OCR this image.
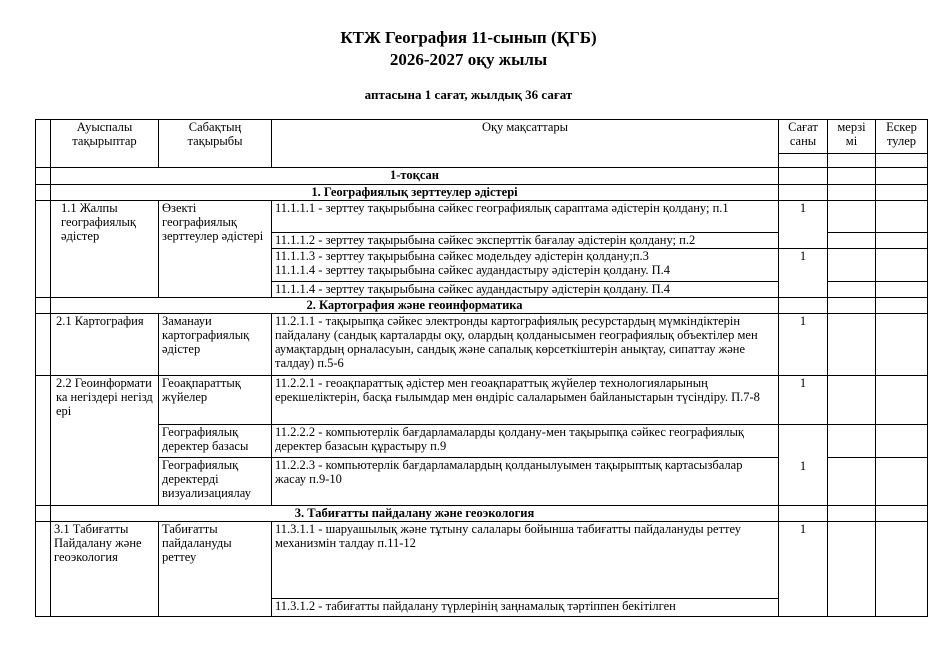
КТЖ География 11-сынып (ҚГБ)
2026-2027 оқу жылы
аптасына 1 сағат, жылдық 36 сағат
	Ауыспалы тақырыптар	Сабақтың тақырыбы	Оқу мақсаттары	Сағат саны	мерзі мі	Ескер тулер

	1-тоқсан					
	1. Географиялық зерттеулер әдістері					
	1.1 Жалпы географиялық әдістер	Өзекті географиялық зерттеулер әдістері	11.1.1.1 - зерттеу тақырыбына сәйкес географиялық сараптама әдістерін қолдану; п.1	1		
			11.1.1.2 - зерттеу тақырыбына сәйкес эксперттік бағалау әдістерін қолдану; п.2			

			11.1.1.3 - зерттеу тақырыбына сәйкес модельдеу әдістерін қолдану;п.3
11.1.1.4 - зерттеу тақырыбына сәйкес аудандастыру әдістерін қолдану. П.4	1		
			11.1.1.4 - зерттеу тақырыбына сәйкес аудандастыру әдістерін қолдану. П.4			
	2. Картография және геоинформатика					
	2.1 Картография	Заманауи картографиялық әдістер	11.2.1.1 - тақырыпқа сәйкес электронды картографиялық ресурстардың мүмкіндіктерін пайдалану (сандық карталарды оқу, олардың қолданысымен географиялық объектілер мен аумақтардың орналасуын, сандық және сапалық көрсеткіштерін анықтау, сипаттау және талдау) п.5-6	1		
	2.2 Геоинформатика негіздері негіздері	Геоақпараттық жүйелер	11.2.2.1 - геоақпараттық әдістер мен геоақпараттық жүйелер технологияларының ерекшеліктерін, басқа ғылымдар мен өндіріс салаларымен байланыстарын түсіндіру. П.7-8	1		
		Географиялық деректер базасы	11.2.2.2 - компьютерлік бағдарламаларды қолдану-мен тақырыпқа сәйкес географиялық деректер базасын құрастыру п.9	1		
		Географиялық деректерді визуализациялау	11.2.2.3 - компьютерлік бағдарламалардың қолданылуымен тақырыптық картасызбалар жасау п.9-10			
	3. Табиғатты пайдалану және геоэкология					
	3.1 Табиғатты Пайдалану және геоэкология	Табиғатты пайдалануды реттеу	11.3.1.1 - шаруашылық және тұтыну салалары бойынша табиғатты пайдалануды реттеу механизмін талдау п.11-12	1		
			11.3.1.2 - табиғатты пайдалану түрлерінің заңнамалық тәртіппен бекітілген			
